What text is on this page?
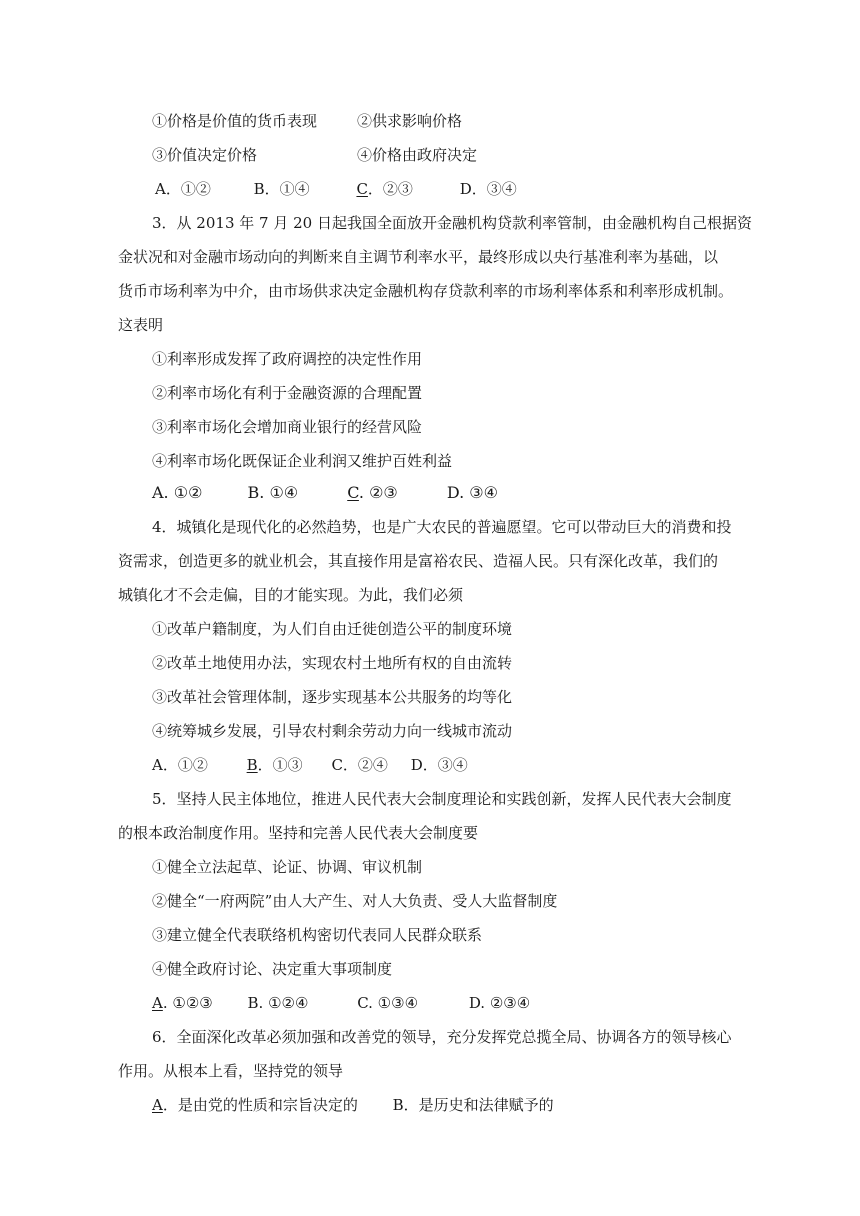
①价格是价值的货币表现	②供求影响价格
③价值决定价格	④价格由政府决定
A．①②	B．①④	C．②③	D．③④
3．从 2013 年 7 月 20 日起我国全面放开金融机构贷款利率管制，由金融机构自己根据资
金状况和对金融市场动向的判断来自主调节利率水平，最终形成以央行基准利率为基础，以
货币市场利率为中介，由市场供求决定金融机构存贷款利率的市场利率体系和利率形成机制。
这表明
①利率形成发挥了政府调控的决定性作用
②利率市场化有利于金融资源的合理配置
③利率市场化会增加商业银行的经营风险
④利率市场化既保证企业利润又维护百姓利益
A. ①②	B. ①④	C. ②③	D. ③④
4．城镇化是现代化的必然趋势，也是广大农民的普遍愿望。它可以带动巨大的消费和投
资需求，创造更多的就业机会，其直接作用是富裕农民、造福人民。只有深化改革，我们的
城镇化才不会走偏，目的才能实现。为此，我们必须
①改革户籍制度，为人们自由迁徙创造公平的制度环境
②改革土地使用办法，实现农村土地所有权的自由流转
③改革社会管理体制，逐步实现基本公共服务的均等化
④统筹城乡发展，引导农村剩余劳动力向一线城市流动
A．①②	B．①③ C．②④ D．③④
5．坚持人民主体地位，推进人民代表大会制度理论和实践创新，发挥人民代表大会制度
的根本政治制度作用。坚持和完善人民代表大会制度要
①健全立法起草、论证、协调、审议机制
②健全“一府两院”由人大产生、对人大负责、受人大监督制度
③建立健全代表联络机构密切代表同人民群众联系
④健全政府讨论、决定重大事项制度
A. ①②③ B. ①②④	C. ①③④	D. ②③④
6．全面深化改革必须加强和改善党的领导，充分发挥党总揽全局、协调各方的领导核心
作用。从根本上看，坚持党的领导
A．是由党的性质和宗旨决定的 B．是历史和法律赋予的
